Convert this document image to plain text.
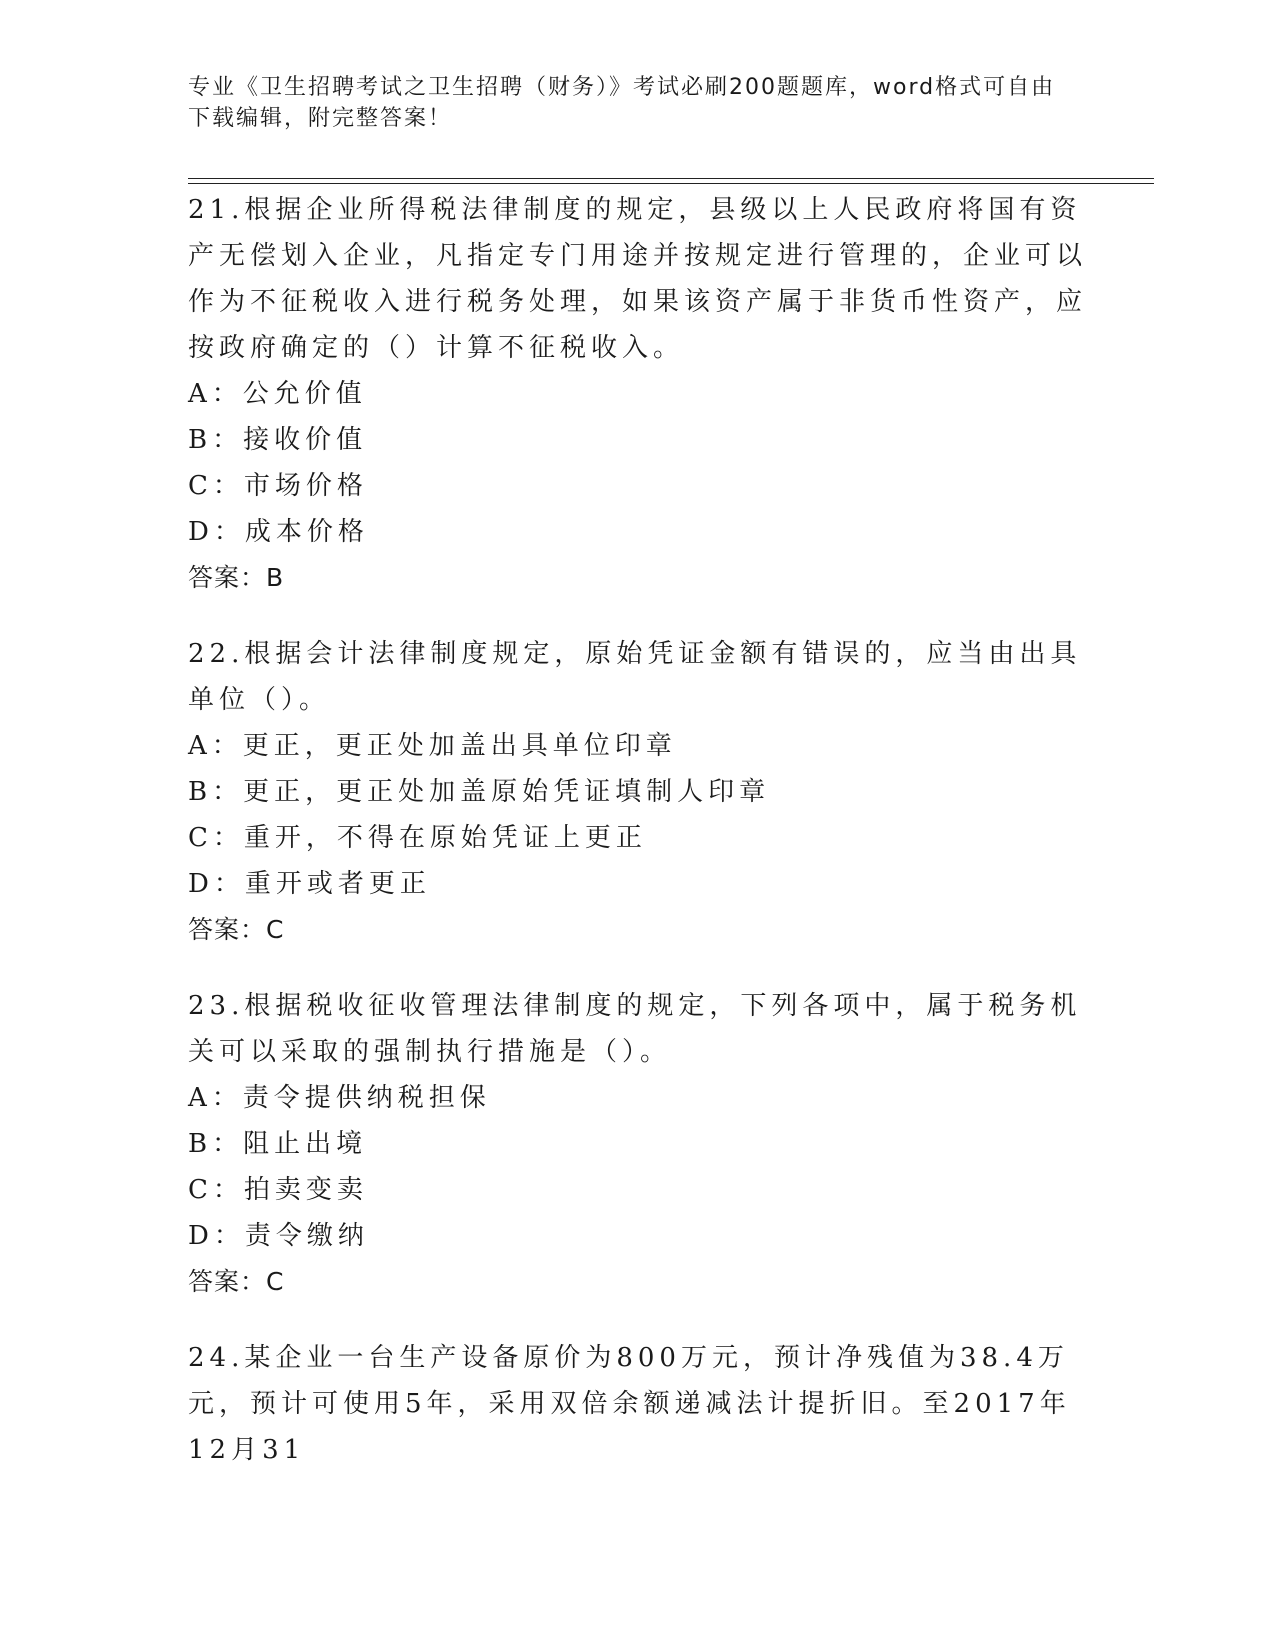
专业《卫生招聘考试之卫生招聘（财务）》考试必刷200题题库，word格式可自由下载编辑，附完整答案！

21.根据企业所得税法律制度的规定，县级以上人民政府将国有资产无偿划入企业，凡指定专门用途并按规定进行管理的，企业可以作为不征税收入进行税务处理，如果该资产属于非货币性资产，应按政府确定的（）计算不征税收入。

A：公允价值

B：接收价值

C：市场价格

D：成本价格

答案：B

22.根据会计法律制度规定，原始凭证金额有错误的，应当由出具单位（）。

A：更正，更正处加盖出具单位印章

B：更正，更正处加盖原始凭证填制人印章

C：重开，不得在原始凭证上更正

D：重开或者更正

答案：C

23.根据税收征收管理法律制度的规定，下列各项中，属于税务机关可以采取的强制执行措施是（）。

A：责令提供纳税担保

B：阻止出境

C：拍卖变卖

D：责令缴纳

答案：C

24.某企业一台生产设备原价为800万元，预计净残值为38.4万元，预计可使用5年，采用双倍余额递减法计提折旧。至2017年12月31
